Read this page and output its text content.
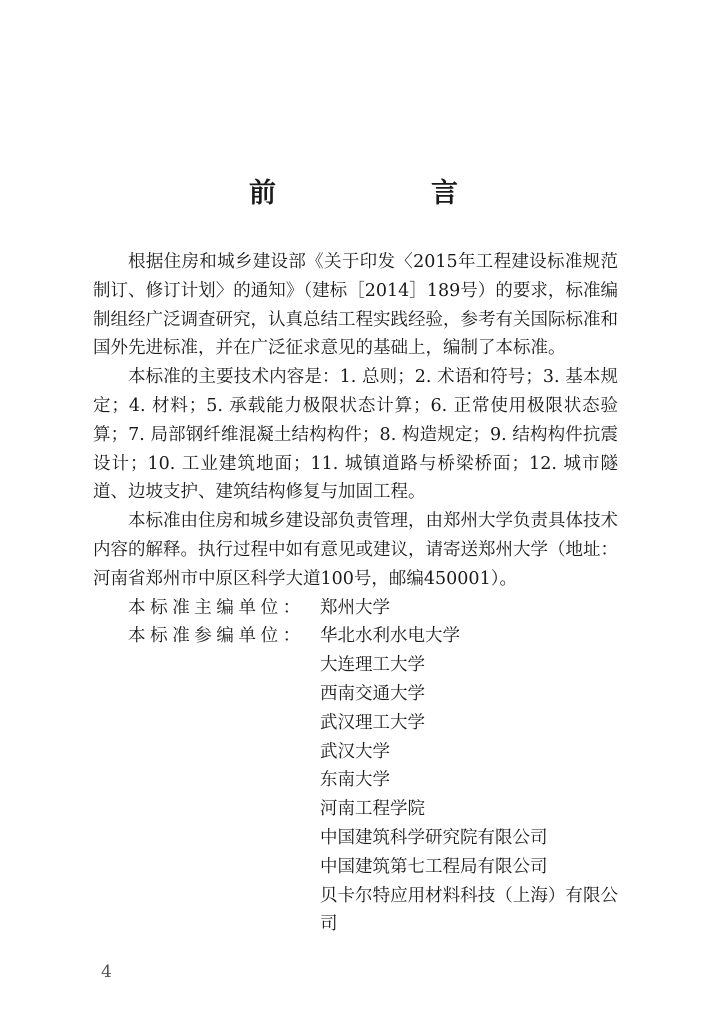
前　言

根据住房和城乡建设部《关于印发〈2015年工程建设标准规范制订、修订计划〉的通知》（建标［2014］189号）的要求，标准编制组经广泛调查研究，认真总结工程实践经验，参考有关国际标准和国外先进标准，并在广泛征求意见的基础上，编制了本标准。

本标准的主要技术内容是：1. 总则；2. 术语和符号；3. 基本规定；4. 材料；5. 承载能力极限状态计算；6. 正常使用极限状态验算；7. 局部钢纤维混凝土结构构件；8. 构造规定；9. 结构构件抗震设计；10. 工业建筑地面；11. 城镇道路与桥梁桥面；12. 城市隧道、边坡支护、建筑结构修复与加固工程。

本标准由住房和城乡建设部负责管理，由郑州大学负责具体技术内容的解释。执行过程中如有意见或建议，请寄送郑州大学（地址：河南省郑州市中原区科学大道100号，邮编450001）。

本标准主编单位： 郑州大学
本标准参编单位： 华北水利水电大学
大连理工大学
西南交通大学
武汉理工大学
武汉大学
东南大学
河南工程学院
中国建筑科学研究院有限公司
中国建筑第七工程局有限公司
贝卡尔特应用材料科技（上海）有限公司
4
